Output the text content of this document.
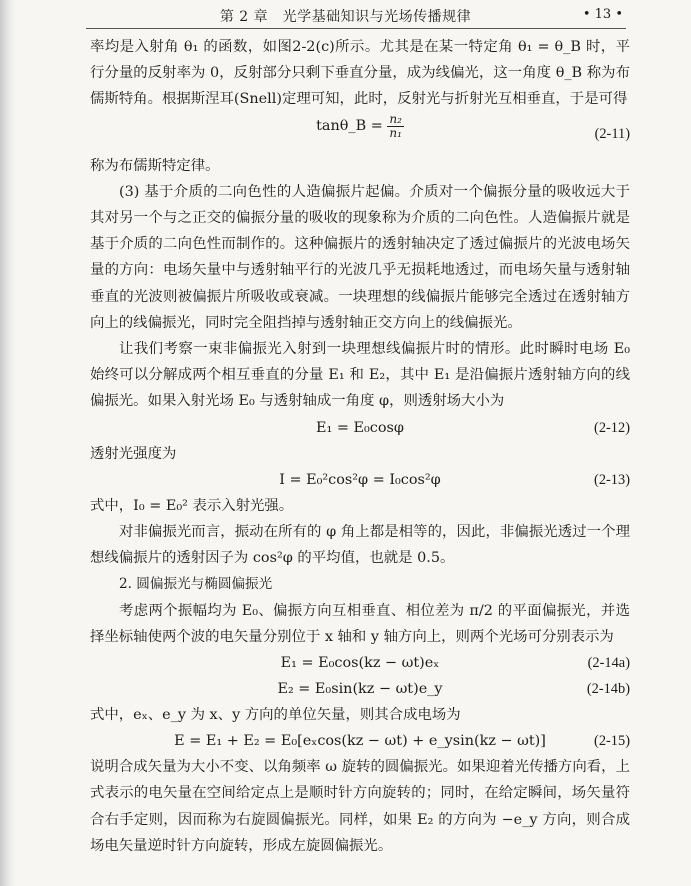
第 2 章　光学基础知识与光场传播规律	• 13 •

率均是入射角 θ₁ 的函数，如图2-2(c)所示。尤其是在某一特定角 θ₁ = θ_B 时，平行分量的反射率为 0，反射部分只剩下垂直分量，成为线偏光，这一角度 θ_B 称为布儒斯特角。根据斯涅耳(Snell)定理可知，此时，反射光与折射光互相垂直，于是可得

tanθ_B = $\frac{\text{n₂}}{\text{n₁}}$	(2-11)

称为布儒斯特定律。

(3) 基于介质的二向色性的人造偏振片起偏。介质对一个偏振分量的吸收远大于其对另一个与之正交的偏振分量的吸收的现象称为介质的二向色性。人造偏振片就是基于介质的二向色性而制作的。这种偏振片的透射轴决定了透过偏振片的光波电场矢量的方向：电场矢量中与透射轴平行的光波几乎无损耗地透过，而电场矢量与透射轴垂直的光波则被偏振片所吸收或衰减。一块理想的线偏振片能够完全透过在透射轴方向上的线偏振光，同时完全阻挡掉与透射轴正交方向上的线偏振光。

让我们考察一束非偏振光入射到一块理想线偏振片时的情形。此时瞬时电场 E₀ 始终可以分解成两个相互垂直的分量 E₁ 和 E₂，其中 E₁ 是沿偏振片透射轴方向的线偏振光。如果入射光场 E₀ 与透射轴成一角度 φ，则透射场大小为

E₁ = E₀cosφ	(2-12)

透射光强度为

I = E₀²cos²φ = I₀cos²φ	(2-13)

式中，I₀ = E₀² 表示入射光强。

对非偏振光而言，振动在所有的 φ 角上都是相等的，因此，非偏振光透过一个理想线偏振片的透射因子为 cos²φ 的平均值，也就是 0.5。

2. 圆偏振光与椭圆偏振光

考虑两个振幅均为 E₀、偏振方向互相垂直、相位差为 π/2 的平面偏振光，并选择坐标轴使两个波的电矢量分别位于 x 轴和 y 轴方向上，则两个光场可分别表示为

E₁ = E₀cos(kz − ωt)eₓ	(2-14a)
E₂ = E₀sin(kz − ωt)e_y	(2-14b)

式中，eₓ、e_y 为 x、y 方向的单位矢量，则其合成电场为

E = E₁ + E₂ = E₀[eₓcos(kz − ωt) + e_ysin(kz − ωt)]	(2-15)

说明合成矢量为大小不变、以角频率 ω 旋转的圆偏振光。如果迎着光传播方向看，上式表示的电矢量在空间给定点上是顺时针方向旋转的；同时，在给定瞬间，场矢量符合右手定则，因而称为右旋圆偏振光。同样，如果 E₂ 的方向为 −e_y 方向，则合成场电矢量逆时针方向旋转，形成左旋圆偏振光。
